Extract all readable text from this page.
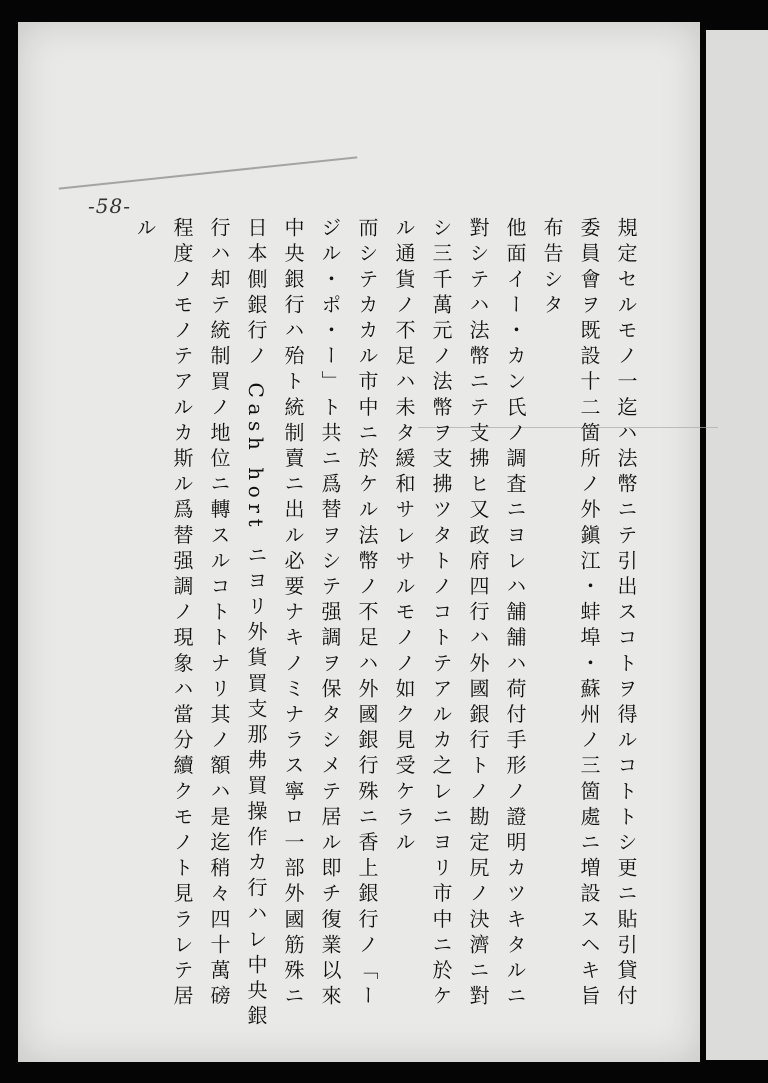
-58-
規定セルモノ一迄ハ法幣ニテ引出スコトヲ得ルコトトシ更ニ貼引貸付
委員會ヲ既設十二箇所ノ外鎭江・蚌埠・蘇州ノ三箇處ニ増設スヘキ旨
布告シタ
他面イー・カン氏ノ調査ニヨレハ舗舗ハ荷付手形ノ證明カツキタルニ
對シテハ法幣ニテ支拂ヒ又政府四行ハ外國銀行トノ勘定尻ノ決濟ニ對
シ三千萬元ノ法幣ヲ支拂ツタトノコトテアルカ之レニヨリ市中ニ於ケ
ル通貨ノ不足ハ未タ緩和サレサルモノノ如ク見受ケラル
而シテカカル市中ニ於ケル法幣ノ不足ハ外國銀行殊ニ香上銀行ノ「ー
ジル・ポ・ー」ト共ニ爲替ヲシテ强調ヲ保タシメテ居ル即チ復業以來
中央銀行ハ殆ト統制賣ニ出ル必要ナキノミナラス寧ロ一部外國筋殊ニ
日本側銀行ノ Cash hort ニヨリ外貨買支那弗買操作カ行ハレ中央銀
行ハ却テ統制買ノ地位ニ轉スルコトトナリ其ノ額ハ是迄稍々四十萬磅
程度ノモノテアルカ斯ル爲替强調ノ現象ハ當分續クモノト見ラレテ居
ル
